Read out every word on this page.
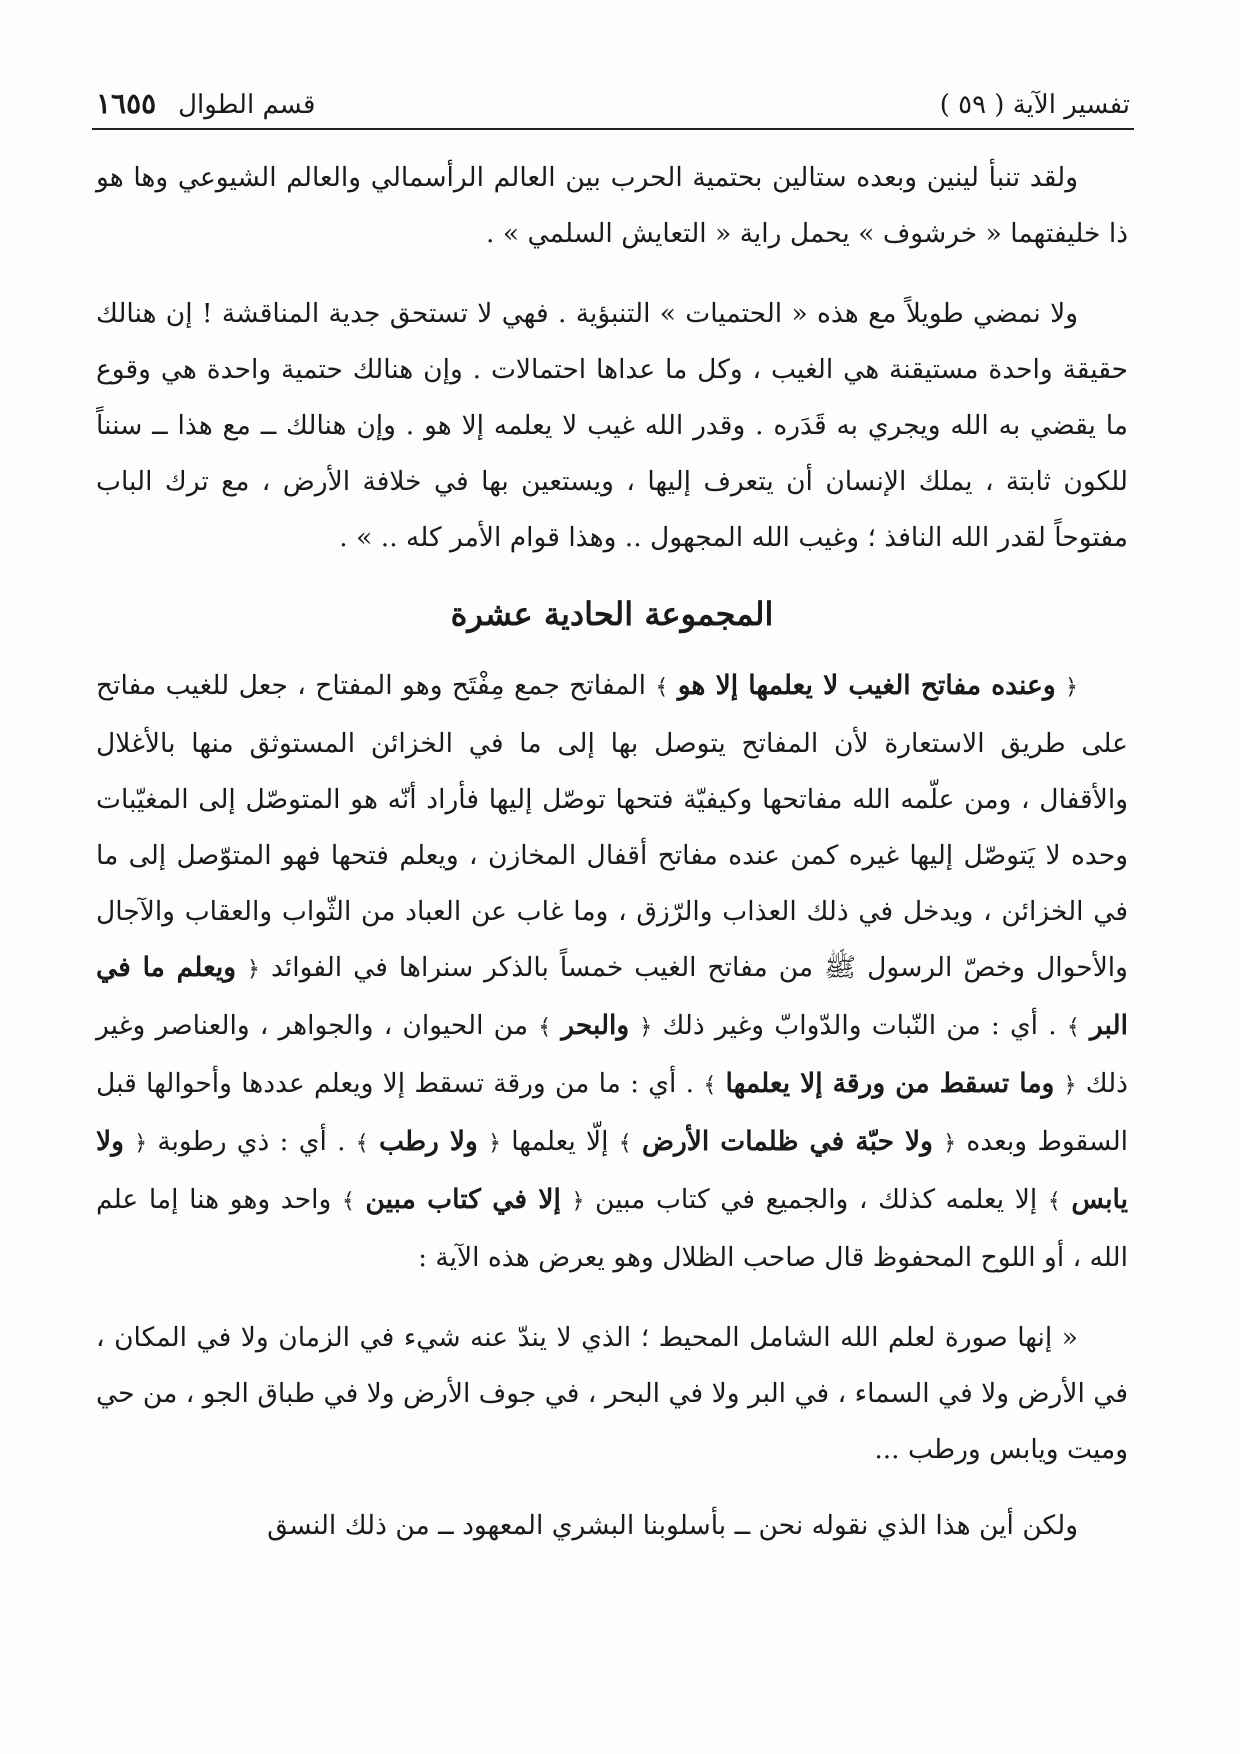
تفسير الآية ( ٥٩ )
قسم الطوال
١٦٥٥

ولقد تنبأ لينين وبعده ستالين بحتمية الحرب بين العالم الرأسمالي والعالم الشيوعي وها هو ذا خليفتهما « خرشوف » يحمل راية « التعايش السلمي » .

ولا نمضي طويلاً مع هذه « الحتميات » التنبؤية . فهي لا تستحق جدية المناقشة ! إن هنالك حقيقة واحدة مستيقنة هي الغيب ، وكل ما عداها احتمالات . وإن هنالك حتمية واحدة هي وقوع ما يقضي به الله ويجري به قَدَره . وقدر الله غيب لا يعلمه إلا هو . وإن هنالك ــ مع هذا ــ سنناً للكون ثابتة ، يملك الإنسان أن يتعرف إليها ، ويستعين بها في خلافة الأرض ، مع ترك الباب مفتوحاً لقدر الله النافذ ؛ وغيب الله المجهول .. وهذا قوام الأمر كله .. » .

المجموعة الحادية عشرة

﴿ وعنده مفاتح الغيب لا يعلمها إلا هو ﴾ المفاتح جمع مِفْتَح وهو المفتاح ، جعل للغيب مفاتح على طريق الاستعارة لأن المفاتح يتوصل بها إلى ما في الخزائن المستوثق منها بالأغلال والأقفال ، ومن علّمه الله مفاتحها وكيفيّة فتحها توصّل إليها فأراد أنّه هو المتوصّل إلى المغيّبات وحده لا يَتوصّل إليها غيره كمن عنده مفاتح أقفال المخازن ، ويعلم فتحها فهو المتوّصل إلى ما في الخزائن ، ويدخل في ذلك العذاب والرّزق ، وما غاب عن العباد من الثّواب والعقاب والآجال والأحوال وخصّ الرسول ﷺ من مفاتح الغيب خمساً بالذكر سنراها في الفوائد ﴿ ويعلم ما في البر ﴾ . أي : من النّبات والدّوابّ وغير ذلك ﴿ والبحر ﴾ من الحيوان ، والجواهر ، والعناصر وغير ذلك ﴿ وما تسقط من ورقة إلا يعلمها ﴾ . أي : ما من ورقة تسقط إلا ويعلم عددها وأحوالها قبل السقوط وبعده ﴿ ولا حبّة في ظلمات الأرض ﴾ إلّا يعلمها ﴿ ولا رطب ﴾ . أي : ذي رطوبة ﴿ ولا يابس ﴾ إلا يعلمه كذلك ، والجميع في كتاب مبين ﴿ إلا في كتاب مبين ﴾ واحد وهو هنا إما علم الله ، أو اللوح المحفوظ قال صاحب الظلال وهو يعرض هذه الآية :

« إنها صورة لعلم الله الشامل المحيط ؛ الذي لا يندّ عنه شيء في الزمان ولا في المكان ، في الأرض ولا في السماء ، في البر ولا في البحر ، في جوف الأرض ولا في طباق الجو ، من حي وميت ويابس ورطب ...

ولكن أين هذا الذي نقوله نحن ــ بأسلوبنا البشري المعهود ــ من ذلك النسق
